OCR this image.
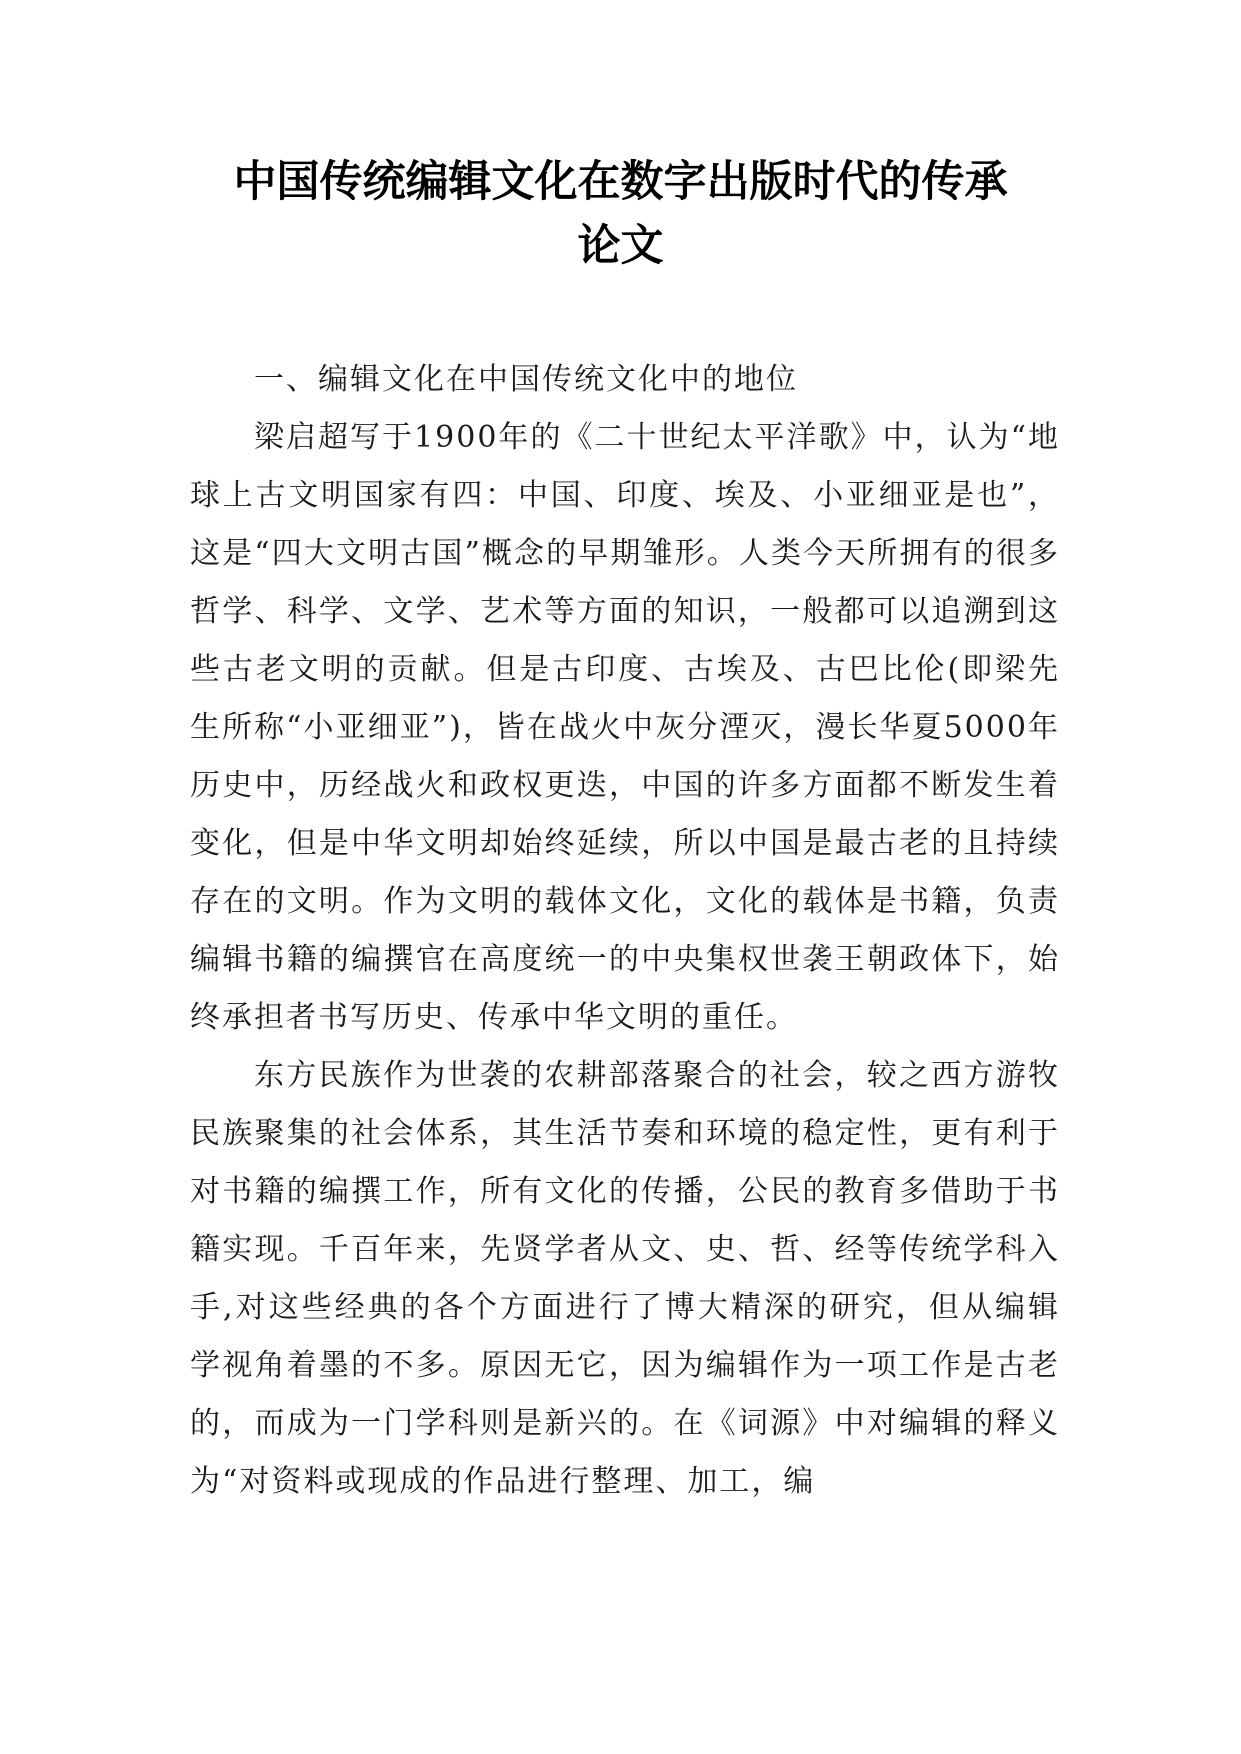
中国传统编辑文化在数字出版时代的传承
论文

一、编辑文化在中国传统文化中的地位

梁启超写于1900年的《二十世纪太平洋歌》中，认为“地球上古文明国家有四：中国、印度、埃及、小亚细亚是也”，这是“四大文明古国”概念的早期雏形。人类今天所拥有的很多哲学、科学、文学、艺术等方面的知识，一般都可以追溯到这些古老文明的贡献。但是古印度、古埃及、古巴比伦(即梁先生所称“小亚细亚”)，皆在战火中灰分湮灭，漫长华夏5000年历史中，历经战火和政权更迭，中国的许多方面都不断发生着变化，但是中华文明却始终延续，所以中国是最古老的且持续存在的文明。作为文明的载体文化，文化的载体是书籍，负责编辑书籍的编撰官在高度统一的中央集权世袭王朝政体下，始终承担者书写历史、传承中华文明的重任。

东方民族作为世袭的农耕部落聚合的社会，较之西方游牧民族聚集的社会体系，其生活节奏和环境的稳定性，更有利于对书籍的编撰工作，所有文化的传播，公民的教育多借助于书籍实现。千百年来，先贤学者从文、史、哲、经等传统学科入手,对这些经典的各个方面进行了博大精深的研究，但从编辑学视角着墨的不多。原因无它，因为编辑作为一项工作是古老的，而成为一门学科则是新兴的。在《词源》中对编辑的释义为“对资料或现成的作品进行整理、加工，编
